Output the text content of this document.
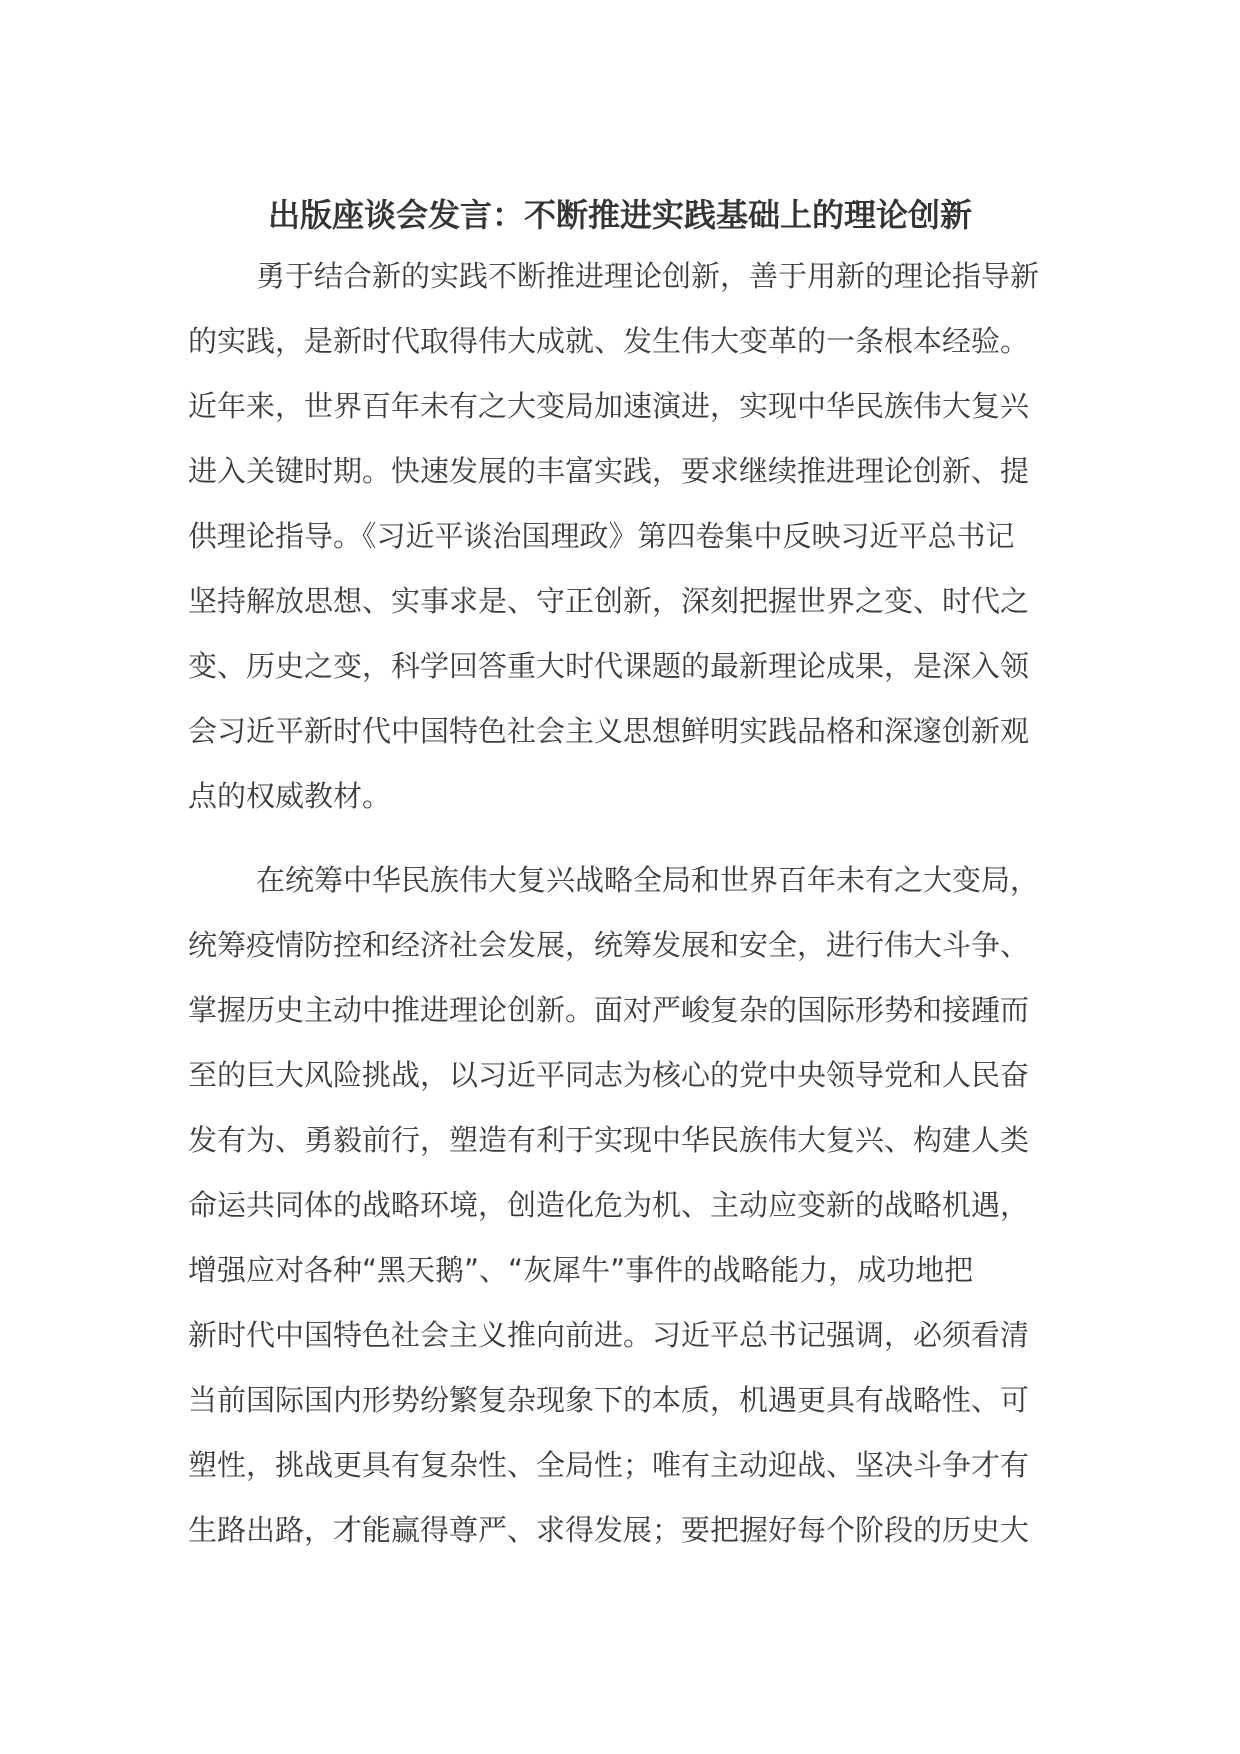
出版座谈会发言：不断推进实践基础上的理论创新
勇于结合新的实践不断推进理论创新，善于用新的理论指导新
的实践，是新时代取得伟大成就、发生伟大变革的一条根本经验。
近年来，世界百年未有之大变局加速演进，实现中华民族伟大复兴
进入关键时期。快速发展的丰富实践，要求继续推进理论创新、提
供理论指导。《习近平谈治国理政》第四卷集中反映习近平总书记
坚持解放思想、实事求是、守正创新，深刻把握世界之变、时代之
变、历史之变，科学回答重大时代课题的最新理论成果，是深入领
会习近平新时代中国特色社会主义思想鲜明实践品格和深邃创新观
点的权威教材。
在统筹中华民族伟大复兴战略全局和世界百年未有之大变局，
统筹疫情防控和经济社会发展，统筹发展和安全，进行伟大斗争、
掌握历史主动中推进理论创新。面对严峻复杂的国际形势和接踵而
至的巨大风险挑战，以习近平同志为核心的党中央领导党和人民奋
发有为、勇毅前行，塑造有利于实现中华民族伟大复兴、构建人类
命运共同体的战略环境，创造化危为机、主动应变新的战略机遇，
增强应对各种“黑天鹅”、“灰犀牛”事件的战略能力，成功地把
新时代中国特色社会主义推向前进。习近平总书记强调，必须看清
当前国际国内形势纷繁复杂现象下的本质，机遇更具有战略性、可
塑性，挑战更具有复杂性、全局性；唯有主动迎战、坚决斗争才有
生路出路，才能赢得尊严、求得发展；要把握好每个阶段的历史大
